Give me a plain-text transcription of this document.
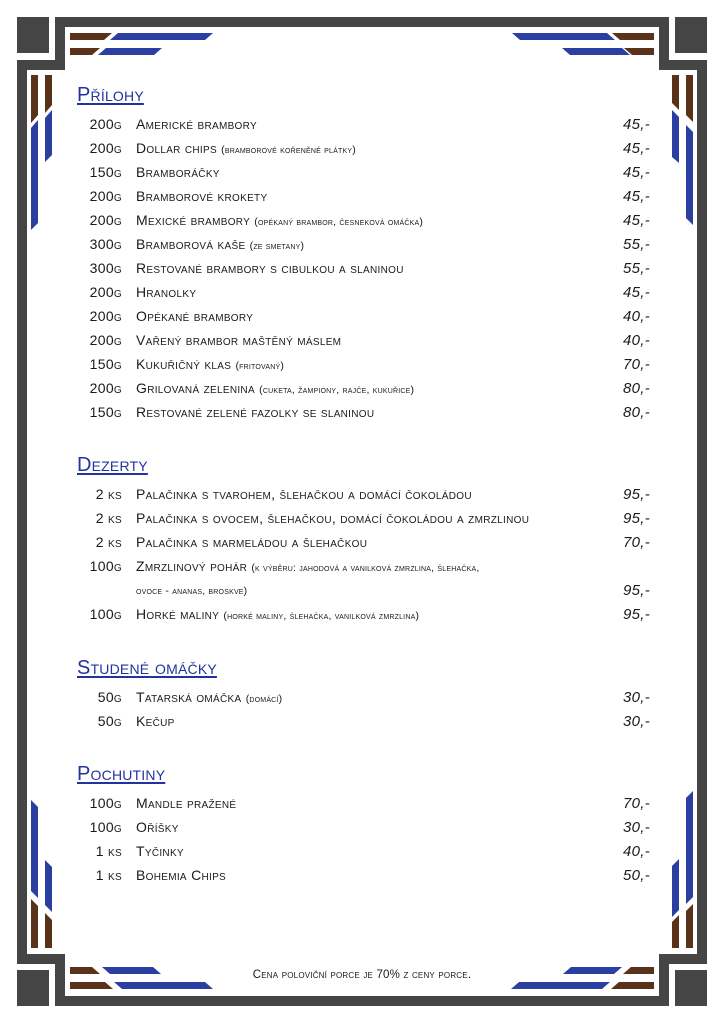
Přílohy
200g Americké brambory	45,-
200g Dollar chips (bramborové kořeněné plátky)	45,-
150g Bramboráčky	45,-
200g Bramborové krokety	45,-
200g Mexické brambory (opékaný brambor, česneková omáčka)	45,-
300g Bramborová kaše (ze smetany)	55,-
300g Restované brambory s cibulkou a slaninou	55,-
200g Hranolky	45,-
200g Opékané brambory	40,-
200g Vařený brambor maštěný máslem	40,-
150g Kukuřičný klas (fritovaný)	70,-
200g Grilovaná zelenina (cuketa, žampiony, rajče, kukuřice)	80,-
150g Restované zelené fazolky se slaninou	80,-
Dezerty
2 ks Palačinka s tvarohem, šlehačkou a domácí čokoládou	95,-
2 ks Palačinka s ovocem, šlehačkou, domácí čokoládou a zmrzlinou	95,-
2 ks Palačinka s marmeládou a šlehačkou	70,-
100g Zmrzlinový pohár (k výběru: jahodová a vanilková zmrzlina, šlehačka,
ovoce - ananas, broskve)	95,-
100g Horké maliny (horké maliny, šlehačka, vanilková zmrzlina)	95,-
Studené omáčky
50g Tatarská omáčka (domácí)	30,-
50g Kečup	30,-
Pochutiny
100g Mandle pražené	70,-
100g Oříšky	30,-
1 ks Tyčinky	40,-
1 ks Bohemia Chips	50,-
Cena poloviční porce je 70% z ceny porce.
